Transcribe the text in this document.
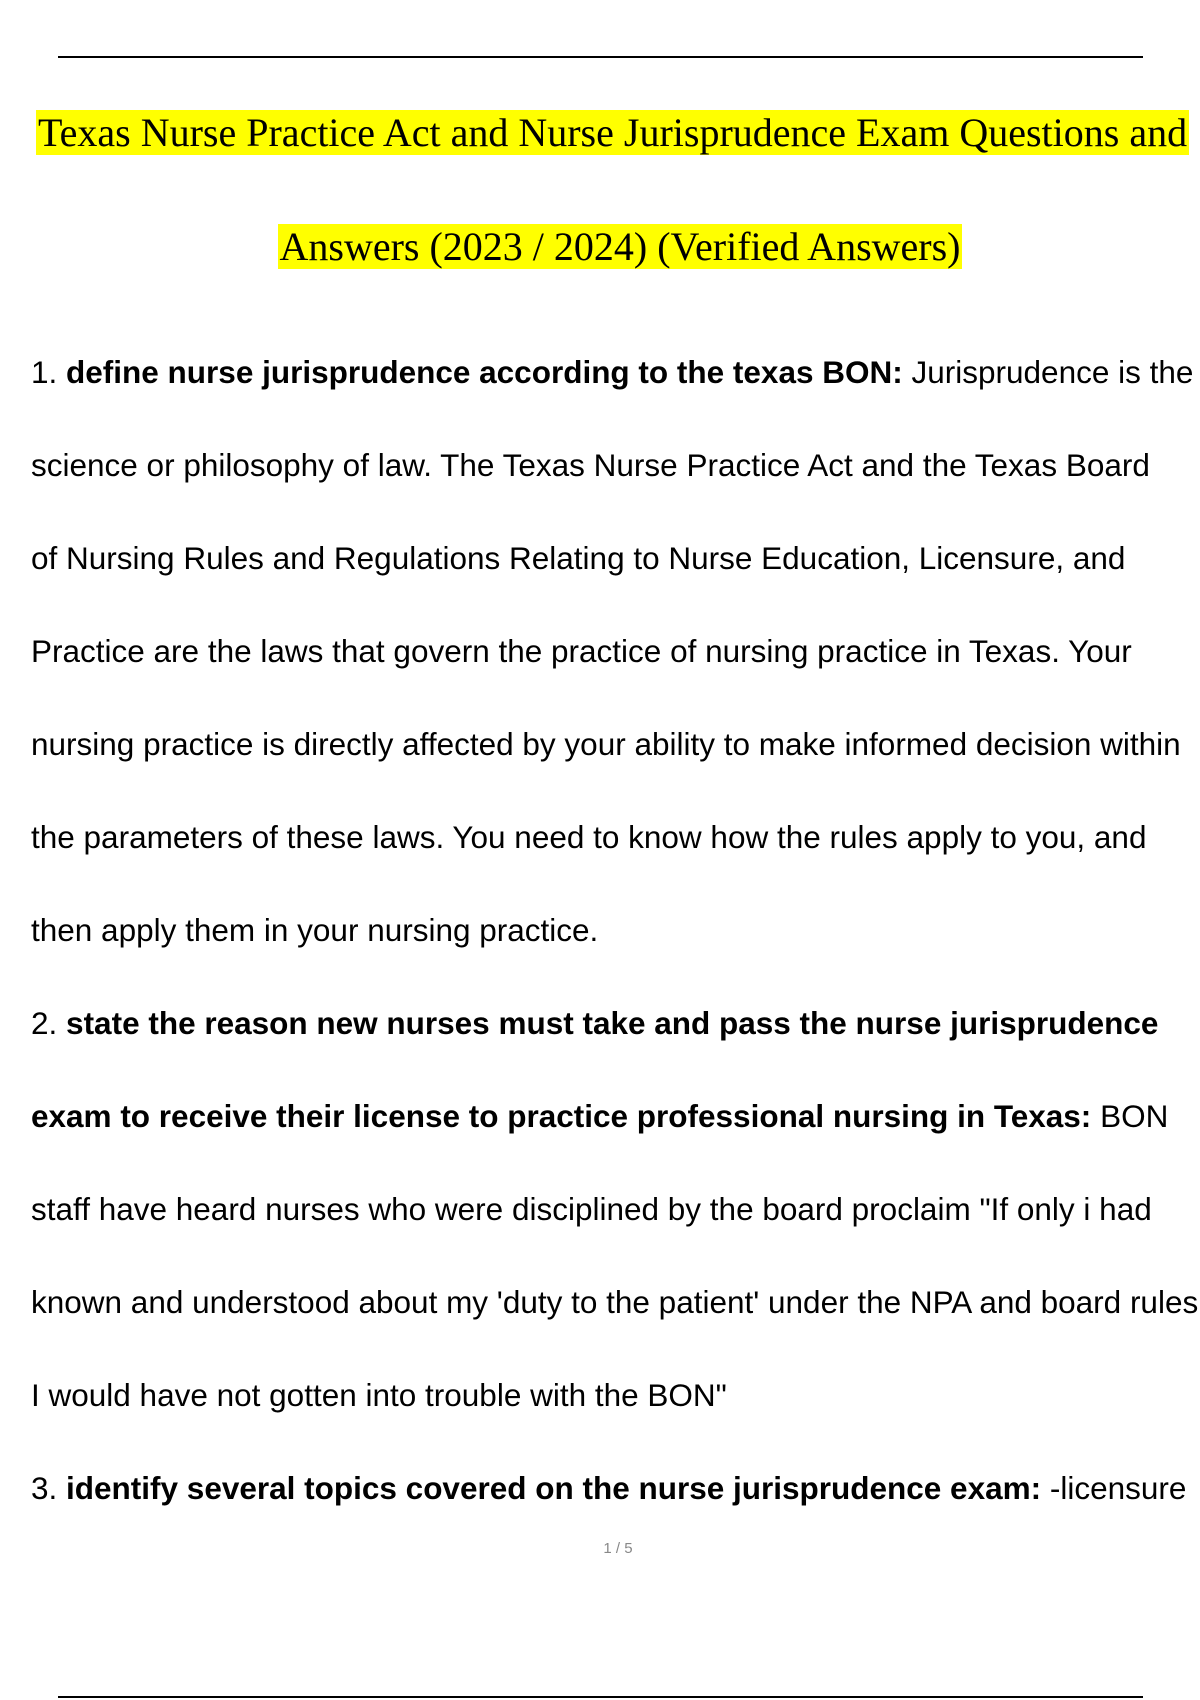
Texas Nurse Practice Act and Nurse Jurisprudence Exam Questions and
Answers (2023 / 2024) (Verified Answers)
1. define nurse jurisprudence according to the texas BON: Jurisprudence is the
science or philosophy of law. The Texas Nurse Practice Act and the Texas Board
of Nursing Rules and Regulations Relating to Nurse Education, Licensure, and
Practice are the laws that govern the practice of nursing practice in Texas. Your
nursing practice is directly affected by your ability to make informed decision within
the parameters of these laws. You need to know how the rules apply to you, and
then apply them in your nursing practice.
2. state the reason new nurses must take and pass the nurse jurisprudence
exam to receive their license to practice professional nursing in Texas: BON
staff have heard nurses who were disciplined by the board proclaim "If only i had
known and understood about my 'duty to the patient' under the NPA and board rules
I would have not gotten into trouble with the BON"
3. identify several topics covered on the nurse jurisprudence exam: -licensure
1 / 5
